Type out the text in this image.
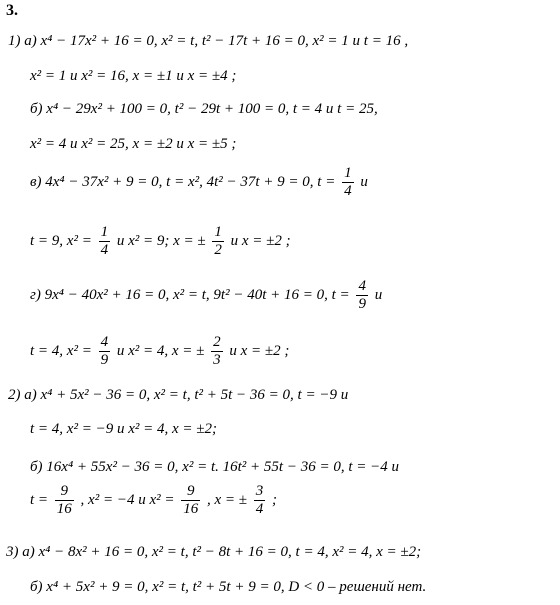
3.
1) а) x⁴ − 17x² + 16 = 0, x² = t, t² − 17t + 16 = 0, x² = 1 и t = 16 ,
x² = 1 и x² = 16, x = ±1 и x = ±4 ;
б) x⁴ − 29x² + 100 = 0, t² − 29t + 100 = 0, t = 4 и t = 25,
x² = 4 и x² = 25, x = ±2 и x = ±5 ;
в) 4x⁴ − 37x² + 9 = 0, t = x², 4t² − 37t + 9 = 0, $t = \frac{1}{4}$ и
t = 9, $x^2 = \frac{1}{4}$ и x² = 9; x = ± $\frac{1}{2}$ и x = ±2 ;
г) 9x⁴ − 40x² + 16 = 0, x² = t, 9t² − 40t + 16 = 0, $t = \frac{4}{9}$ и
t = 4, $x^2 = \frac{4}{9}$ и x² = 4, x = ± $\frac{2}{3}$ и x = ±2 ;
2) а) x⁴ + 5x² − 36 = 0, x² = t, t² + 5t − 36 = 0, t = −9 и
t = 4, x² = −9 и x² = 4, x = ±2;
б) 16x⁴ + 55x² − 36 = 0, x² = t. 16t² + 55t − 36 = 0, t = −4 и
$t = \frac{9}{16}$ , x² = −4 и $x^2 = \frac{9}{16}$ , x = ± $\frac{3}{4}$ ;
3) а) x⁴ − 8x² + 16 = 0, x² = t, t² − 8t + 16 = 0, t = 4, x² = 4, x = ±2;
б) x⁴ + 5x² + 9 = 0, x² = t, t² + 5t + 9 = 0, D < 0 – решений нет.
